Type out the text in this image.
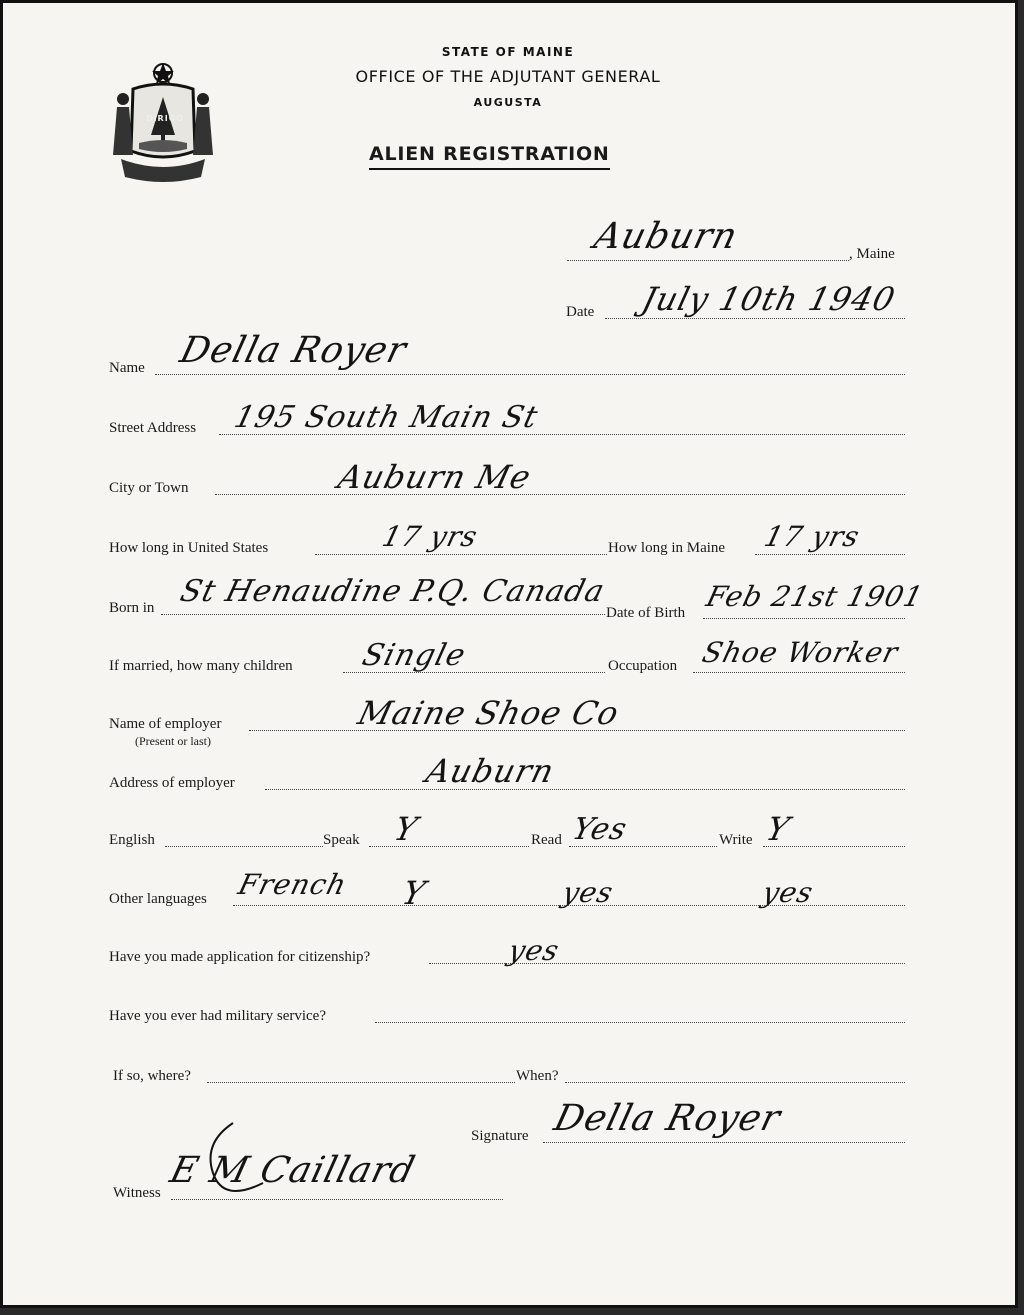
DIRIGO
STATE OF MAINE
OFFICE OF THE ADJUTANT GENERAL
AUGUSTA
ALIEN REGISTRATION
Auburn	, Maine
Date July 10th 1940
Name Della Royer
Street Address 195 South Main St
City or Town	Auburn Me
How long in United States	17 yrs	How long in Maine 17 yrs
Born in St Henaudine P.Q. Canada
Date of Birth Feb 21st 1901
If married, how many children Single	Occupation Shoe Worker
Name of employer
(Present or last)
Maine Shoe Co
Address of employer	Auburn
English	Speak Y	Read Yes	Write Y
Other languages French Y	yes	yes
Have you made application for citizenship?	yes
Have you ever had military service?
If so, where?	When?
Signature Della Royer
Witness
E M Caillard
